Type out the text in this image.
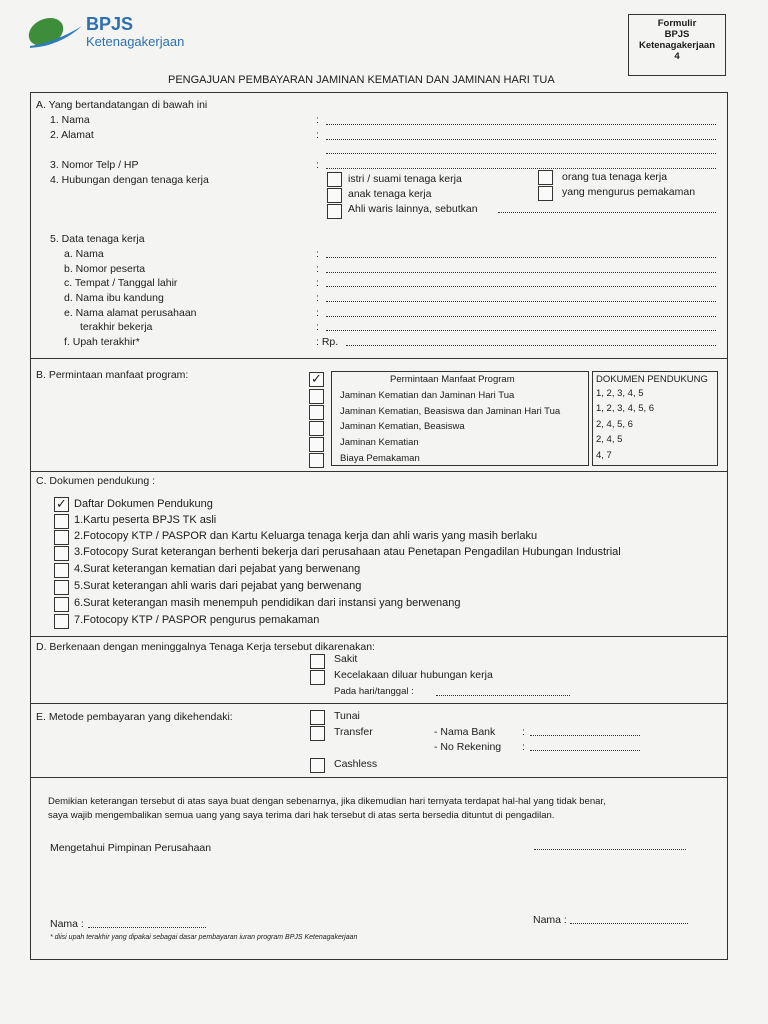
BPJS
Ketenagakerjaan
Formulir
BPJS
Ketenagakerjaan
4
PENGAJUAN PEMBAYARAN JAMINAN KEMATIAN DAN JAMINAN HARI TUA
A. Yang bertandatangan di bawah ini
1. Nama	:
2. Alamat	:
3. Nomor Telp / HP	:
4. Hubungan dengan tenaga kerja	istri / suami tenaga kerja
anak tenaga kerja
Ahli waris lainnya, sebutkan
orang tua tenaga kerja
yang mengurus pemakaman
5. Data tenaga kerja
a. Nama	:
b. Nomor peserta	:
c. Tempat / Tanggal lahir	:
d. Nama ibu kandung	:
e. Nama alamat perusahaan	:
terakhir bekerja	:
f. Upah terakhir*	: Rp.
B. Permintaan manfaat program:	✓	Permintaan Manfaat Program	DOKUMEN PENDUKUNG
Jaminan Kematian dan Jaminan Hari Tua	1, 2, 3, 4, 5
Jaminan Kematian, Beasiswa dan Jaminan Hari Tua	1, 2, 3, 4, 5, 6
Jaminan Kematian, Beasiswa	2, 4, 5, 6
Jaminan Kematian	2, 4, 5
Biaya Pemakaman	4, 7
C. Dokumen pendukung :
✓ Daftar Dokumen Pendukung
1.Kartu peserta BPJS TK asli
2.Fotocopy KTP / PASPOR dan Kartu Keluarga tenaga kerja dan ahli waris yang masih berlaku
3.Fotocopy Surat keterangan berhenti bekerja dari perusahaan atau Penetapan Pengadilan Hubungan Industrial
4.Surat keterangan kematian dari pejabat yang berwenang
5.Surat keterangan ahli waris dari pejabat yang berwenang
6.Surat keterangan masih menempuh pendidikan dari instansi yang berwenang
7.Fotocopy KTP / PASPOR pengurus pemakaman
D. Berkenaan dengan meninggalnya Tenaga Kerja tersebut dikarenakan:
Sakit
Kecelakaan diluar hubungan kerja
Pada hari/tanggal :
E. Metode pembayaran yang dikehendaki:	Tunai
Transfer	- Nama Bank	:
- No Rekening :
Cashless
Demikian keterangan tersebut di atas saya buat dengan sebenarnya, jika dikemudian hari ternyata terdapat hal-hal yang tidak benar,
saya wajib mengembalikan semua uang yang saya terima dari hak tersebut di atas serta bersedia dituntut di pengadilan.
Mengetahui Pimpinan Perusahaan
Nama :	Nama :
* diisi upah terakhir yang dipakai sebagai dasar pembayaran iuran program BPJS Ketenagakerjaan
